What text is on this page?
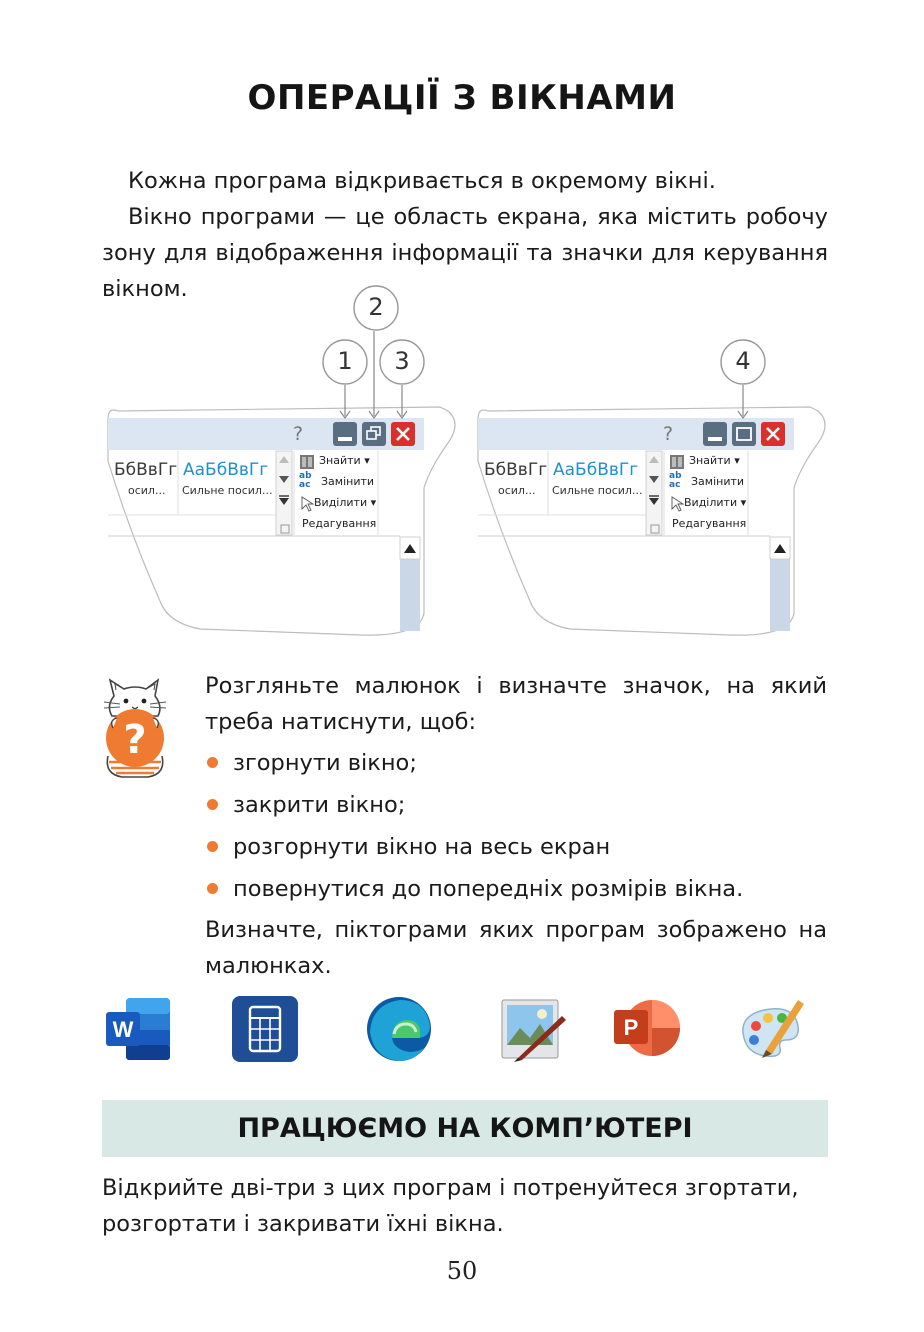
ОПЕРАЦІЇ З ВІКНАМИ
Кожна програма відкривається в окремому вікні.
Вікно програми — це область екрана, яка містить робочу зону для відображення інформації та значки для керування вікном.
2
1	3	4
?
БбВвГг
осил...
АаБбВвГг
Сильне посил...
Знайти ▾
ab
ac Замінити
Виділити ▾
Редагування
?
БбВвГг
осил...
АаБбВвГг
Сильне посил...
Знайти ▾
ab
ac Замінити
Виділити ▾
Редагування
?
Розгляньте малюнок і визначте значок, на який треба натиснути, щоб:
згорнути вікно;
закрити вікно;
розгорнути вікно на весь екран
повернутися до попередніх розмірів вікна.
Визначте, піктограми яких програм зображено на малюнках.
W	P
ПРАЦЮЄМО НА КОМП’ЮТЕРІ
Відкрийте дві-три з цих програм і потренуйтеся згортати, розгортати і закривати їхні вікна.
50
